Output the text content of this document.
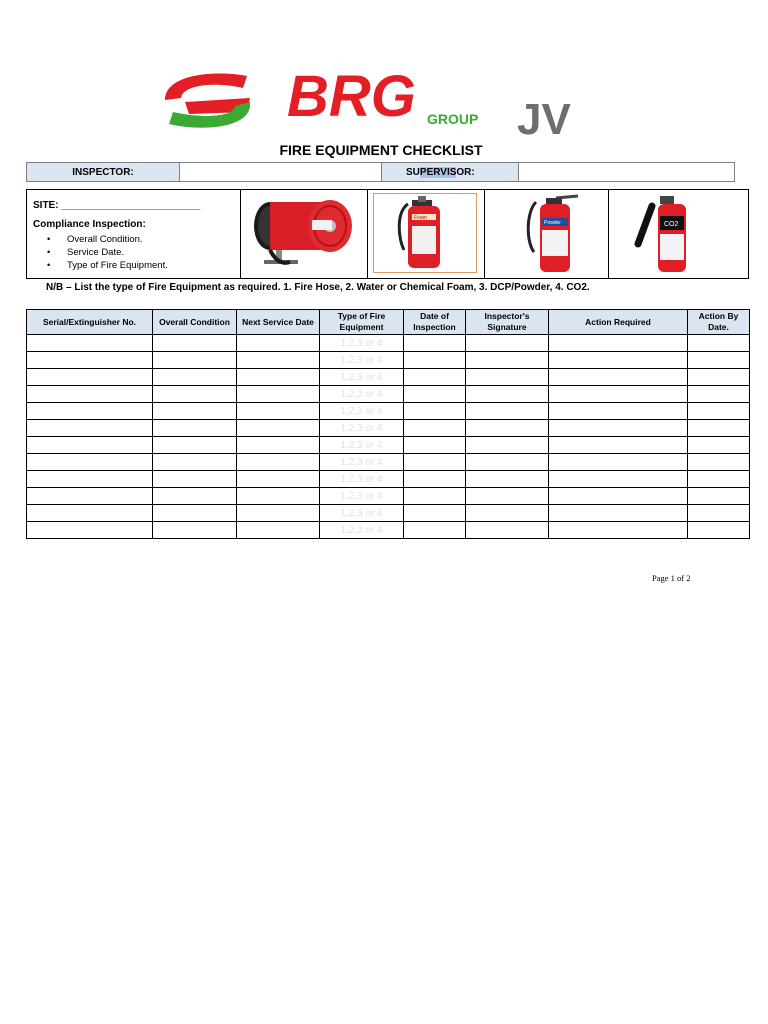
BRG GROUP JV
FIRE EQUIPMENT CHECKLIST
INSPECTOR:		SUPERVISOR:	
SITE: _________________________
Compliance Inspection:
• Overall Condition.
• Service Date.
• Type of Fire Equipment.
Foam
Powder	CO2
N/B – List the type of Fire Equipment as required. 1. Fire Hose, 2. Water or Chemical Foam, 3. DCP/Powder, 4. CO2.
Serial/Extinguisher No.	Overall Condition	Next Service Date	Type of Fire Equipment	Date of Inspection	Inspector's Signature	Action Required	Action By Date.
			1,2,3 or 4				
			1,2,3 or 4				
			1,2,3 or 4				
			1,2,3 or 4				
			1,2,3 or 4				
			1,2,3 or 4				
			1,2,3 or 4				
			1,2,3 or 4				
			1,2,3 or 4				
			1,2,3 or 4				
			1,2,3 or 4				
			1,2,3 or 4				
Page 1 of 2
